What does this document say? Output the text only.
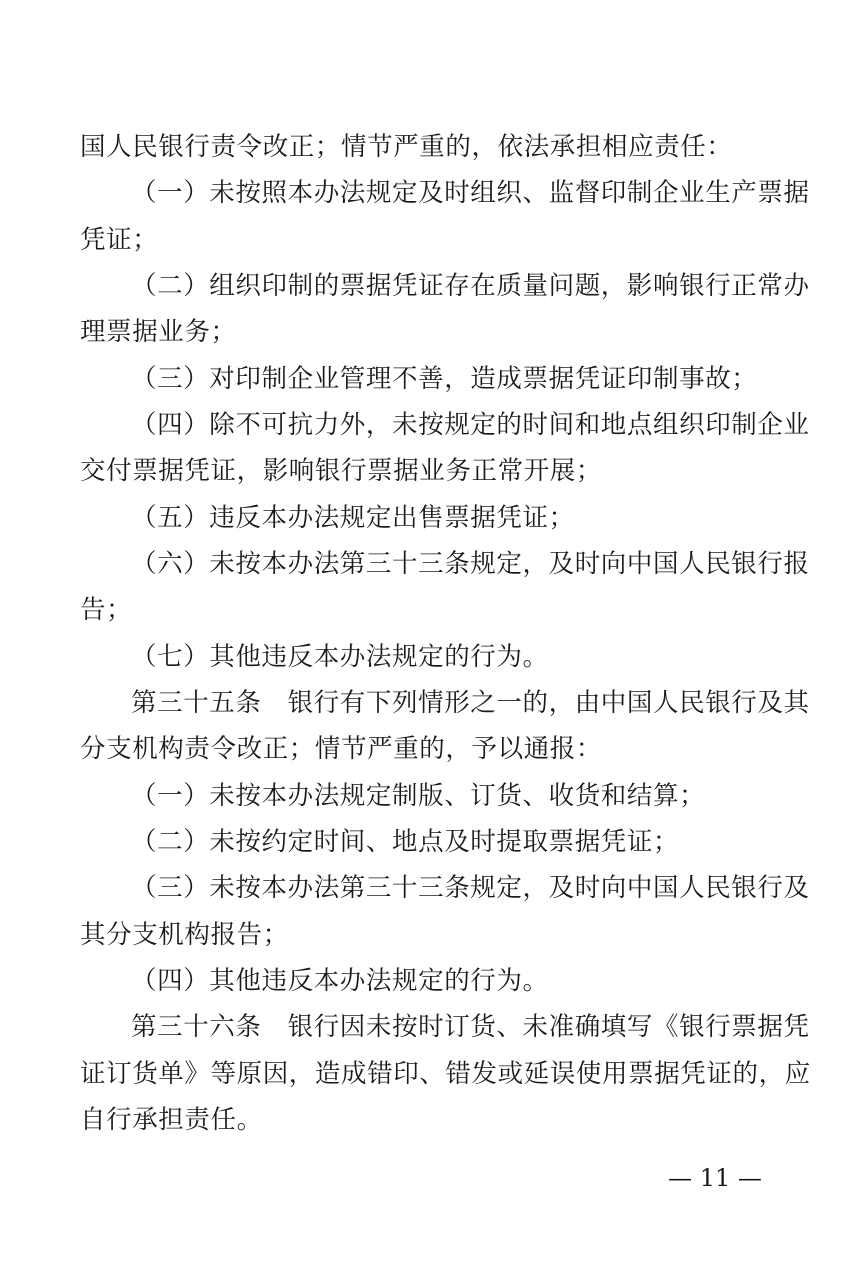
国人民银行责令改正；情节严重的，依法承担相应责任：
（一）未按照本办法规定及时组织、监督印制企业生产票据
凭证；
（二）组织印制的票据凭证存在质量问题，影响银行正常办
理票据业务；
（三）对印制企业管理不善，造成票据凭证印制事故；
（四）除不可抗力外，未按规定的时间和地点组织印制企业
交付票据凭证，影响银行票据业务正常开展；
（五）违反本办法规定出售票据凭证；
（六）未按本办法第三十三条规定，及时向中国人民银行报
告；
（七）其他违反本办法规定的行为。
第三十五条　银行有下列情形之一的，由中国人民银行及其
分支机构责令改正；情节严重的，予以通报：
（一）未按本办法规定制版、订货、收货和结算；
（二）未按约定时间、地点及时提取票据凭证；
（三）未按本办法第三十三条规定，及时向中国人民银行及
其分支机构报告；
（四）其他违反本办法规定的行为。
第三十六条　银行因未按时订货、未准确填写《银行票据凭
证订货单》等原因，造成错印、错发或延误使用票据凭证的，应
自行承担责任。
— 11 —
